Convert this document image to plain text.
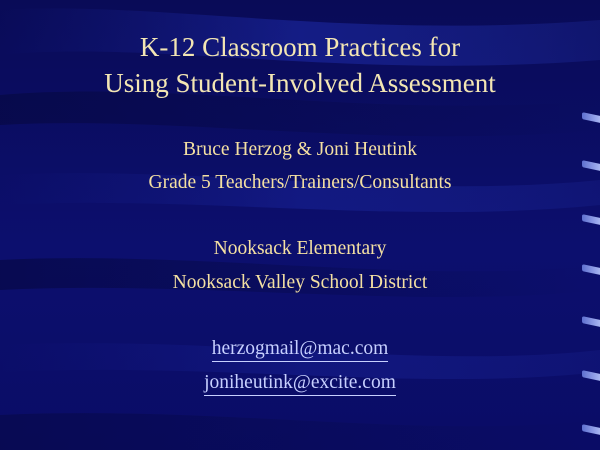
K-12 Classroom Practices for
Using Student-Involved Assessment
Bruce Herzog & Joni Heutink
Grade 5 Teachers/Trainers/Consultants
Nooksack Elementary
Nooksack Valley School District
herzogmail@mac.com
joniheutink@excite.com
